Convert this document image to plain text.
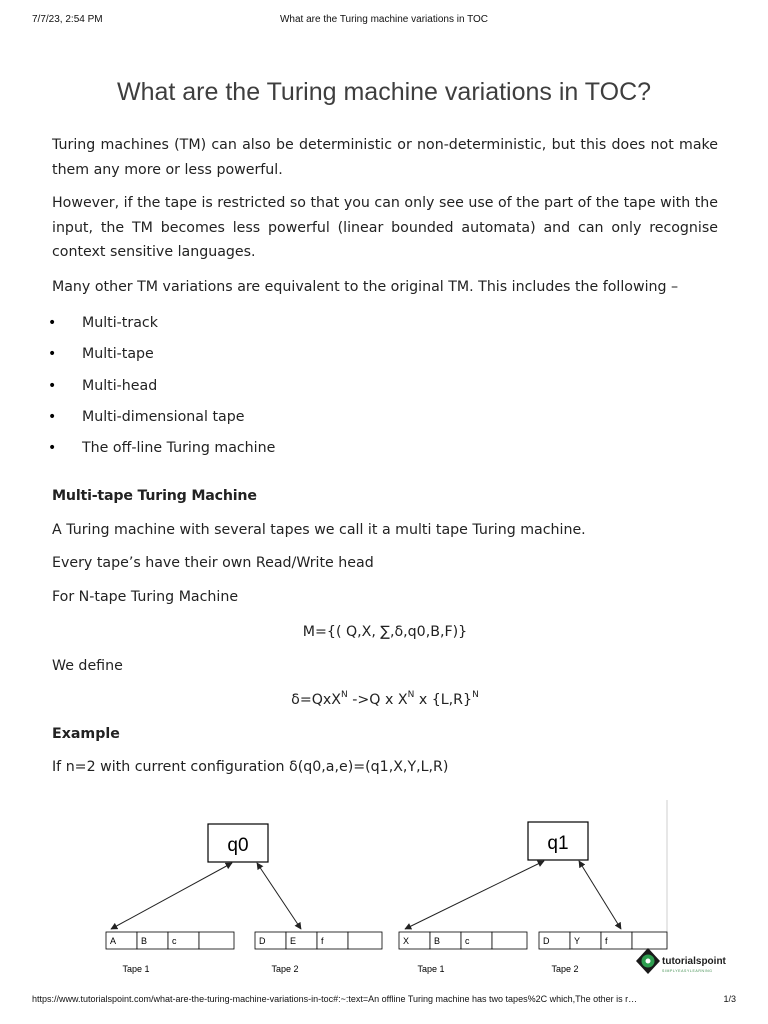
7/7/23, 2:54 PM	What are the Turing machine variations in TOC
What are the Turing machine variations in TOC?

Turing machines (TM) can also be deterministic or non-deterministic, but this does not make them any more or less powerful.

However, if the tape is restricted so that you can only see use of the part of the tape with the input, the TM becomes less powerful (linear bounded automata) and can only recognise context sensitive languages.

Many other TM variations are equivalent to the original TM. This includes the following –

• Multi-track
• Multi-tape
• Multi-head
• Multi-dimensional tape
• The off-line Turing machine

Multi-tape Turing Machine

A Turing machine with several tapes we call it a multi tape Turing machine.

Every tape’s have their own Read/Write head

For N-tape Turing Machine

M={( Q,X, ∑,δ,q0,B,F)}

We define

δ=QxX$^N$ ->Q x $X^N$ x $\{L,R\}^N$

Example

If n=2 with current configuration δ(q0,a,e)=(q1,X,Y,L,R)

q0
A	B	c
Tape 1
D	E	f
Tape 2
q1
X	B	c
Tape 1
D	Y	f
Tape 2
tutorialspoint
SIMPLYEASYLEARNING
https://www.tutorialspoint.com/what-are-the-turing-machine-variations-in-toc#:~:text=An offline Turing machine has two tapes%2C which,The other is r…	1/3
